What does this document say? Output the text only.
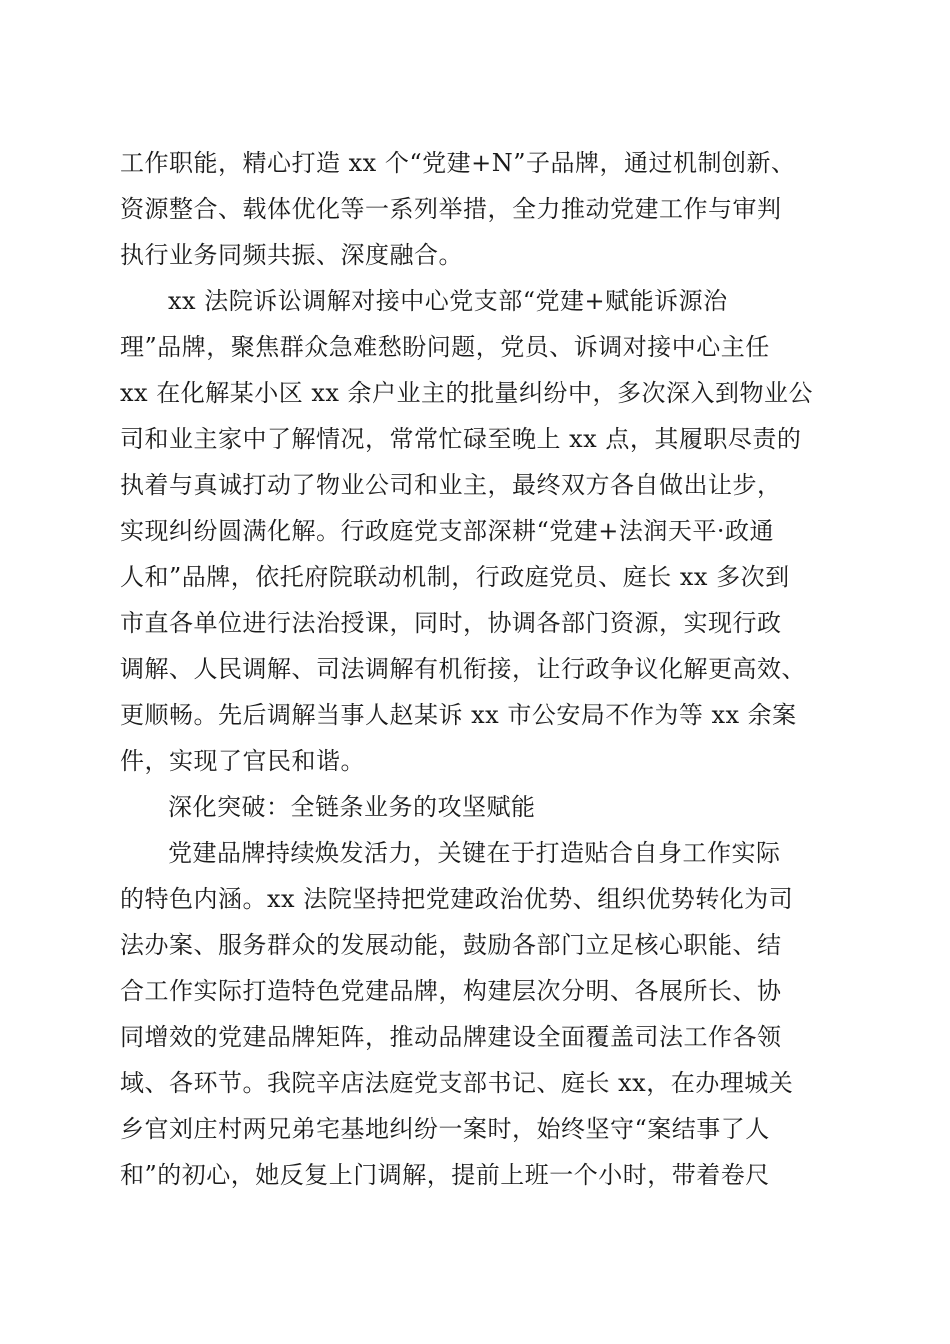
工作职能，精心打造 xx 个“党建+N”子品牌，通过机制创新、
资源整合、载体优化等一系列举措，全力推动党建工作与审判
执行业务同频共振、深度融合。
xx 法院诉讼调解对接中心党支部“党建+赋能诉源治
理”品牌，聚焦群众急难愁盼问题，党员、诉调对接中心主任
xx 在化解某小区 xx 余户业主的批量纠纷中，多次深入到物业公
司和业主家中了解情况，常常忙碌至晚上 xx 点，其履职尽责的
执着与真诚打动了物业公司和业主，最终双方各自做出让步，
实现纠纷圆满化解。行政庭党支部深耕“党建+法润天平·政通
人和”品牌，依托府院联动机制，行政庭党员、庭长 xx 多次到
市直各单位进行法治授课，同时，协调各部门资源，实现行政
调解、人民调解、司法调解有机衔接，让行政争议化解更高效、
更顺畅。先后调解当事人赵某诉 xx 市公安局不作为等 xx 余案
件，实现了官民和谐。
深化突破：全链条业务的攻坚赋能
党建品牌持续焕发活力，关键在于打造贴合自身工作实际
的特色内涵。xx 法院坚持把党建政治优势、组织优势转化为司
法办案、服务群众的发展动能，鼓励各部门立足核心职能、结
合工作实际打造特色党建品牌，构建层次分明、各展所长、协
同增效的党建品牌矩阵，推动品牌建设全面覆盖司法工作各领
域、各环节。我院辛店法庭党支部书记、庭长 xx，在办理城关
乡官刘庄村两兄弟宅基地纠纷一案时，始终坚守“案结事了人
和”的初心，她反复上门调解，提前上班一个小时，带着卷尺
